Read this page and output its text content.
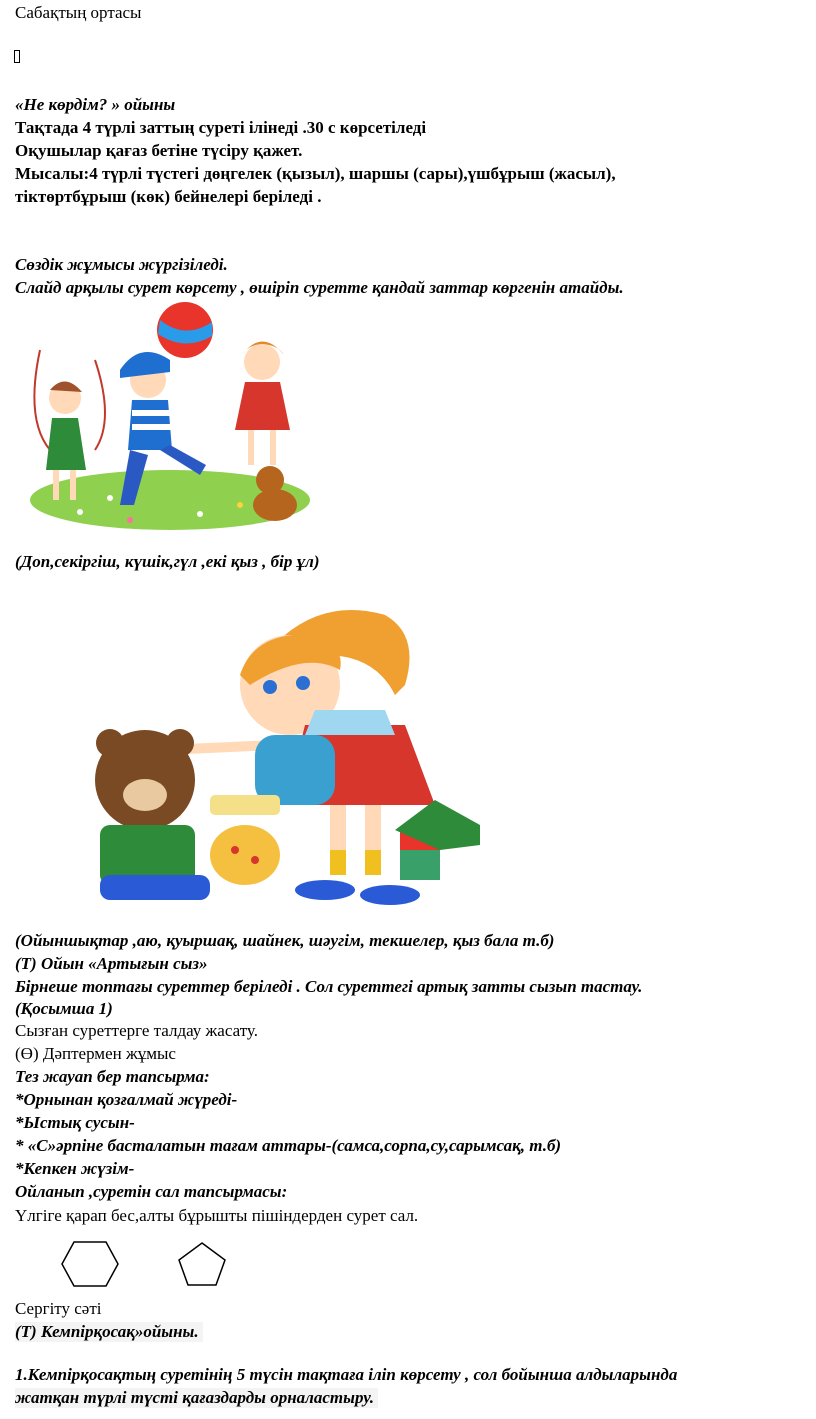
Сабақтың ортасы
«Не көрдім? » ойыны
Тақтада 4 түрлі заттың суреті ілінеді .30 с көрсетіледі
Оқушылар қағаз бетіне түсіру қажет.
Мысалы:4 түрлі түстегі дөңгелек (қызыл), шаршы (сары),үшбұрыш (жасыл),
тіктөртбұрыш (көк) бейнелері беріледі .
Сөздік жұмысы жүргізіледі.
Слайд арқылы сурет көрсету , өшіріп суретте қандай заттар көргенін атайды.
(Доп,секіргіш, күшік,гүл ,екі қыз , бір ұл)
(Ойыншықтар ,аю, қуыршақ, шайнек, шәугім, текшелер, қыз бала т.б)
(Т) Ойын «Артығын сыз»
Бірнеше топтағы суреттер беріледі . Сол суреттегі артық затты сызып тастау.
(Қосымша 1)
Сызған суреттерге талдау жасату.
(Ө) Дәптермен жұмыс
Тез жауап бер тапсырма:
*Орнынан қозғалмай жүреді-
*Ыстық сусын-
* «С»әрпіне басталатын тағам аттары-(самса,сорпа,су,сарымсақ, т.б)
*Кепкен жүзім-
Ойланып ,суретін сал тапсырмасы:
Үлгіге қарап бес,алты бұрышты пішіндерден сурет сал.
Сергіту сәті
(Т) Кемпірқосақ»ойыны.
1.Кемпірқосақтың суретінің 5 түсін тақтаға іліп көрсету , сол бойынша алдыларында
жатқан түрлі түсті қағаздарды орналастыру.
